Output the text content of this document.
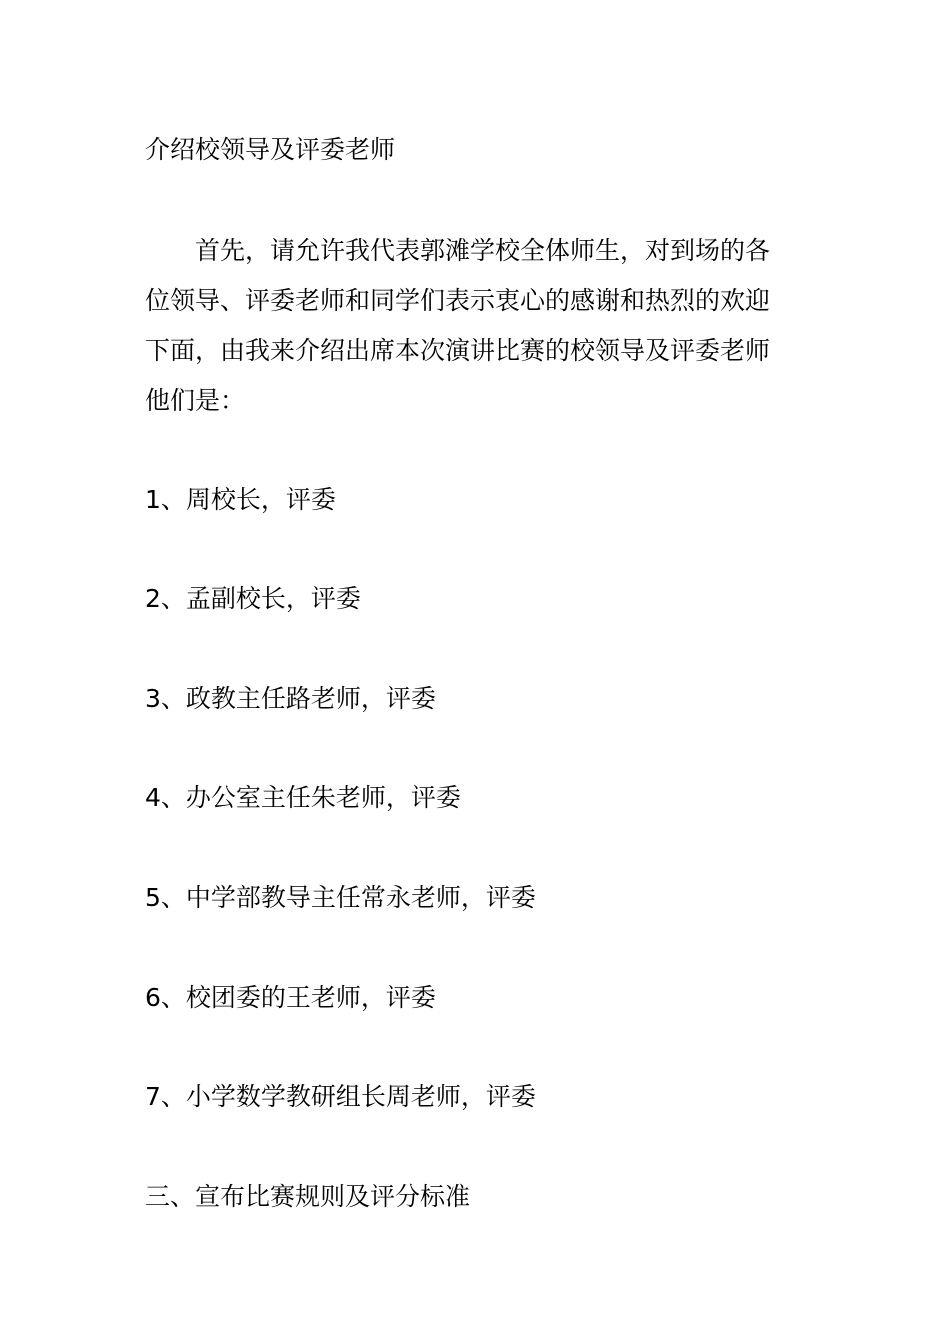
介绍校领导及评委老师

首先，请允许我代表郭滩学校全体师生，对到场的各
位领导、评委老师和同学们表示衷心的感谢和热烈的欢迎
下面，由我来介绍出席本次演讲比赛的校领导及评委老师
他们是：

1、周校长，评委

2、孟副校长，评委

3、政教主任路老师，评委

4、办公室主任朱老师，评委

5、中学部教导主任常永老师，评委

6、校团委的王老师，评委

7、小学数学教研组长周老师，评委

三、宣布比赛规则及评分标准
